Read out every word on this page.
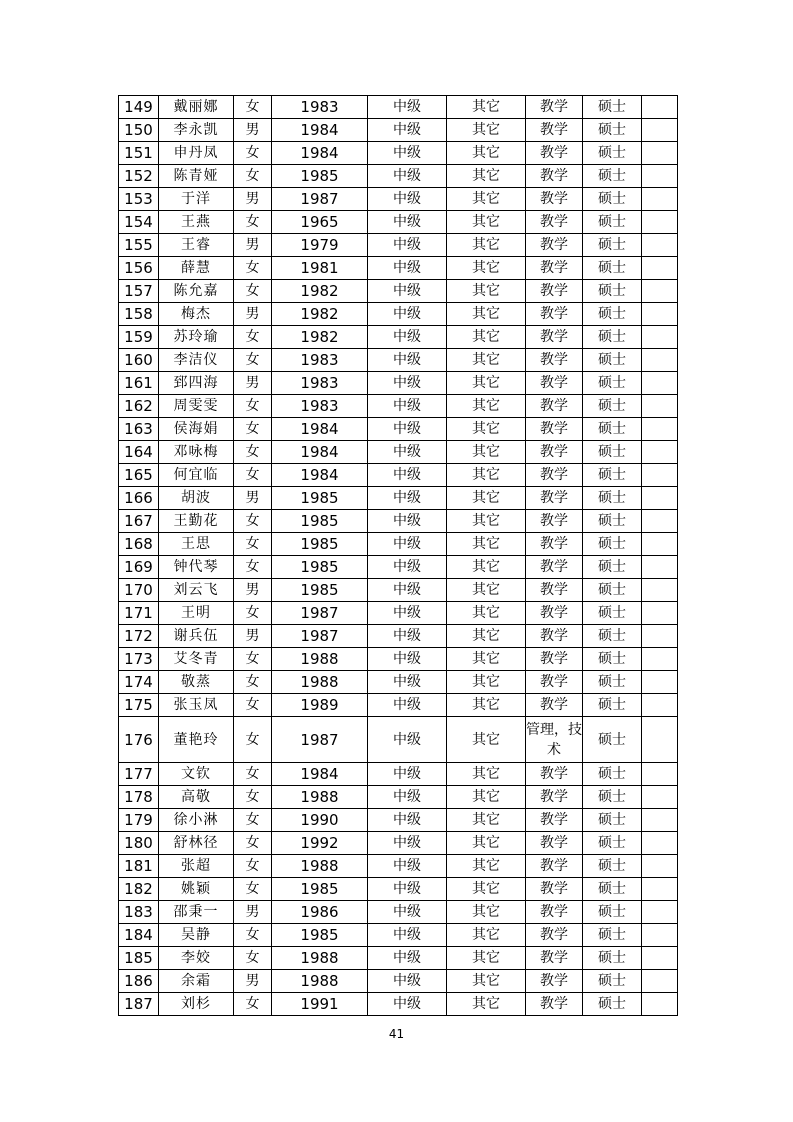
149	戴丽娜	女	1983	中级	其它	教学	硕士	
150	李永凯	男	1984	中级	其它	教学	硕士	
151	申丹凤	女	1984	中级	其它	教学	硕士	
152	陈青娅	女	1985	中级	其它	教学	硕士	
153	于洋	男	1987	中级	其它	教学	硕士	
154	王燕	女	1965	中级	其它	教学	硕士	
155	王睿	男	1979	中级	其它	教学	硕士	
156	薛慧	女	1981	中级	其它	教学	硕士	
157	陈允嘉	女	1982	中级	其它	教学	硕士	
158	梅杰	男	1982	中级	其它	教学	硕士	
159	苏玲瑜	女	1982	中级	其它	教学	硕士	
160	李洁仪	女	1983	中级	其它	教学	硕士	
161	郅四海	男	1983	中级	其它	教学	硕士	
162	周雯雯	女	1983	中级	其它	教学	硕士	
163	侯海娟	女	1984	中级	其它	教学	硕士	
164	邓咏梅	女	1984	中级	其它	教学	硕士	
165	何宜临	女	1984	中级	其它	教学	硕士	
166	胡波	男	1985	中级	其它	教学	硕士	
167	王勤花	女	1985	中级	其它	教学	硕士	
168	王思	女	1985	中级	其它	教学	硕士	
169	钟代琴	女	1985	中级	其它	教学	硕士	
170	刘云飞	男	1985	中级	其它	教学	硕士	
171	王明	女	1987	中级	其它	教学	硕士	
172	谢兵伍	男	1987	中级	其它	教学	硕士	
173	艾冬青	女	1988	中级	其它	教学	硕士	
174	敬蒸	女	1988	中级	其它	教学	硕士	
175	张玉凤	女	1989	中级	其它	教学	硕士	
176	董艳玲	女	1987	中级	其它	管理，技术	硕士	
177	文钦	女	1984	中级	其它	教学	硕士	
178	高敬	女	1988	中级	其它	教学	硕士	
179	徐小淋	女	1990	中级	其它	教学	硕士	
180	舒林径	女	1992	中级	其它	教学	硕士	
181	张超	女	1988	中级	其它	教学	硕士	
182	姚颖	女	1985	中级	其它	教学	硕士	
183	邵秉一	男	1986	中级	其它	教学	硕士	
184	吴静	女	1985	中级	其它	教学	硕士	
185	李姣	女	1988	中级	其它	教学	硕士	
186	余霜	男	1988	中级	其它	教学	硕士	
187	刘杉	女	1991	中级	其它	教学	硕士	
41
